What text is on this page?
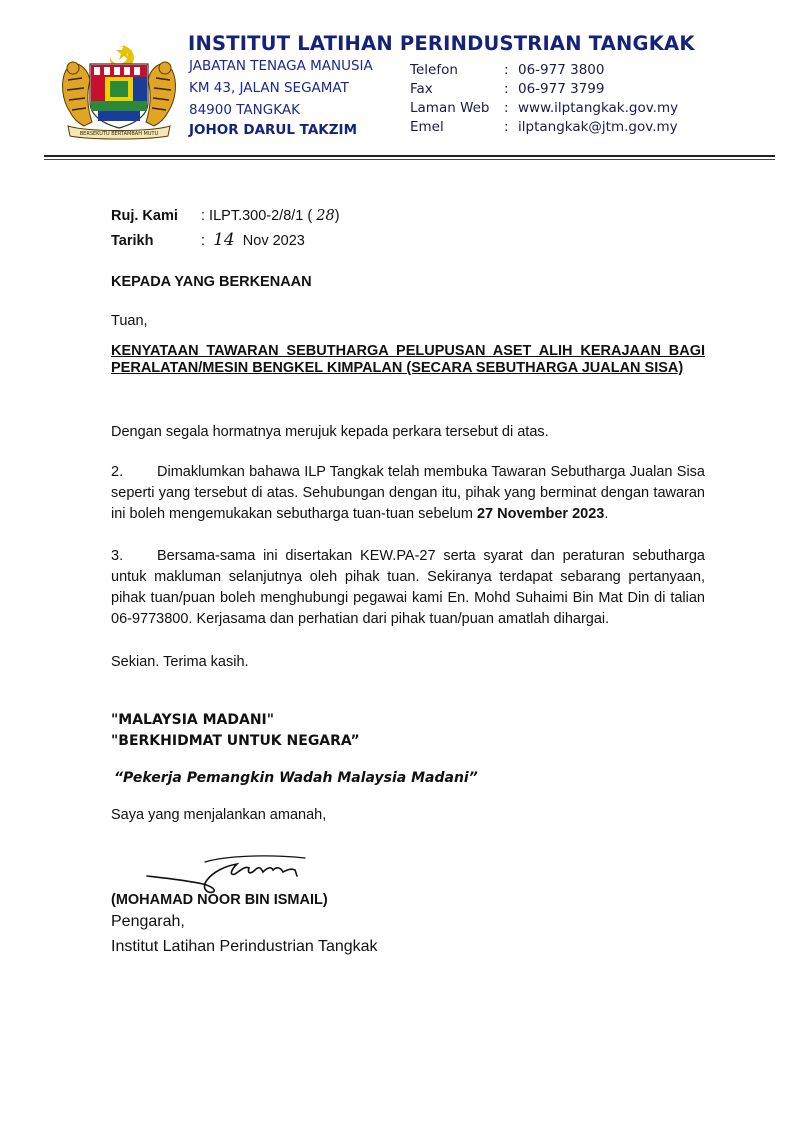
BERSEKUTU BERTAMBAH MUTU
INSTITUT LATIHAN PERINDUSTRIAN TANGKAK
JABATAN TENAGA MANUSIA
KM 43, JALAN SEGAMAT
84900 TANGKAK
JOHOR DARUL TAKZIM
Telefon	: 06-977 3800
Fax	: 06-977 3799
Laman Web : www.ilptangkak.gov.my
Emel	: ilptangkak@jtm.gov.my
Ruj. Kami : ILPT.300-2/8/1 ( 28)
Tarikh	: 14 Nov 2023
KEPADA YANG BERKENAAN
Tuan,
KENYATAAN TAWARAN SEBUTHARGA PELUPUSAN ASET ALIH KERAJAAN BAGI PERALATAN/MESIN BENGKEL KIMPALAN (SECARA SEBUTHARGA JUALAN SISA)
Dengan segala hormatnya merujuk kepada perkara tersebut di atas.
2. Dimaklumkan bahawa ILP Tangkak telah membuka Tawaran Sebutharga Jualan Sisa seperti yang tersebut di atas. Sehubungan dengan itu, pihak yang berminat dengan tawaran ini boleh mengemukakan sebutharga tuan-tuan sebelum 27 November 2023.
3. Bersama-sama ini disertakan KEW.PA-27 serta syarat dan peraturan sebutharga untuk makluman selanjutnya oleh pihak tuan. Sekiranya terdapat sebarang pertanyaan, pihak tuan/puan boleh menghubungi pegawai kami En. Mohd Suhaimi Bin Mat Din di talian 06-9773800. Kerjasama dan perhatian dari pihak tuan/puan amatlah dihargai.
Sekian. Terima kasih.
"MALAYSIA MADANI"
"BERKHIDMAT UNTUK NEGARA”
“Pekerja Pemangkin Wadah Malaysia Madani”
Saya yang menjalankan amanah,
(MOHAMAD NOOR BIN ISMAIL)
Pengarah,
Institut Latihan Perindustrian Tangkak
